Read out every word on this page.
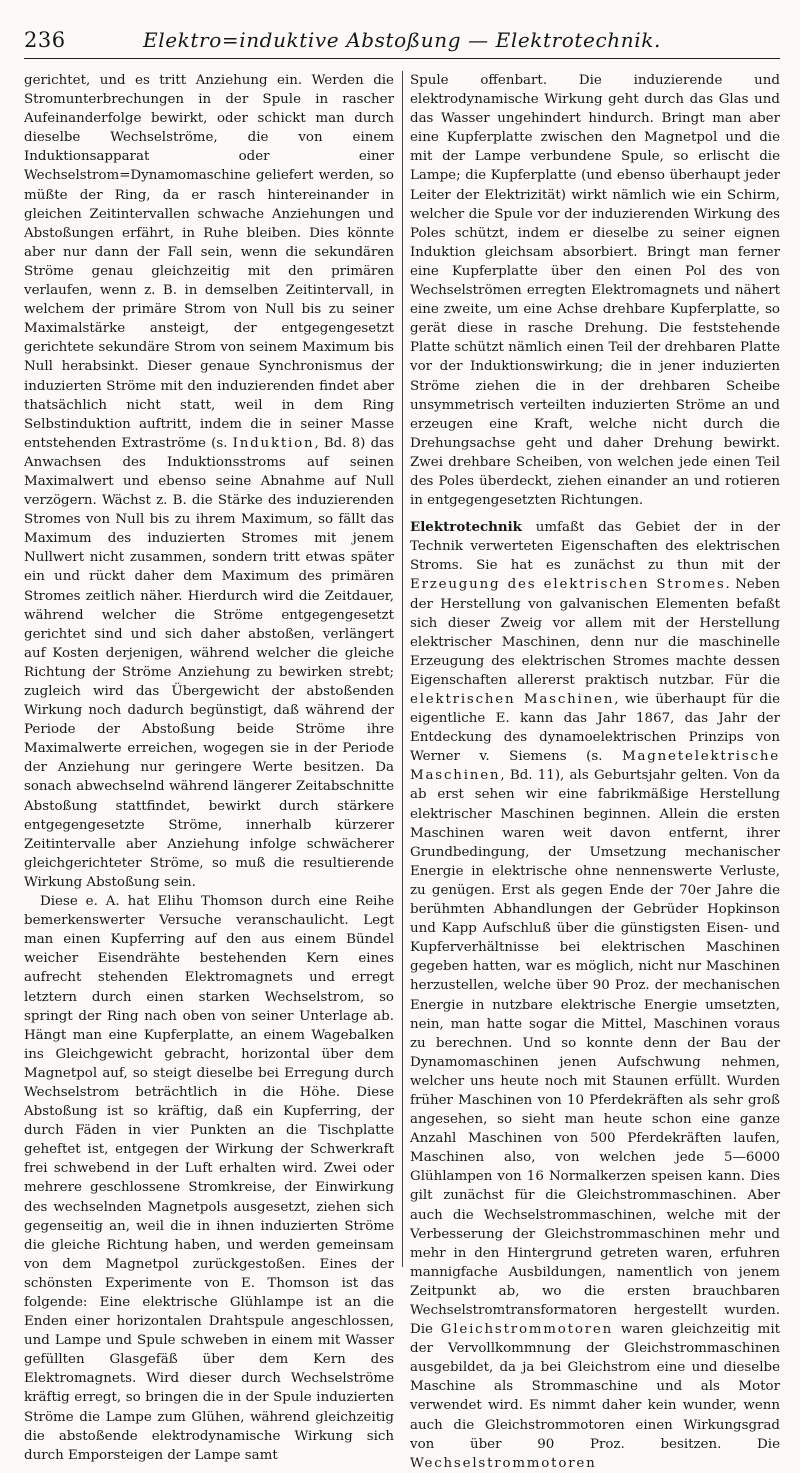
236	Elektro=induktive Abstoßung — Elektrotechnik.

gerichtet, und es tritt Anziehung ein. Werden die Stromunterbrechungen in der Spule in rascher Aufeinanderfolge bewirkt, oder schickt man durch dieselbe Wechselströme, die von einem Induktionsapparat oder einer Wechselstrom=Dynamomaschine geliefert werden, so müßte der Ring, da er rasch hintereinander in gleichen Zeitintervallen schwache Anziehungen und Abstoßungen erfährt, in Ruhe bleiben. Dies könnte aber nur dann der Fall sein, wenn die sekundären Ströme genau gleichzeitig mit den primären verlaufen, wenn z. B. in demselben Zeitintervall, in welchem der primäre Strom von Null bis zu seiner Maximalstärke ansteigt, der entgegengesetzt gerichtete sekundäre Strom von seinem Maximum bis Null herabsinkt. Dieser genaue Synchronismus der induzierten Ströme mit den induzierenden findet aber thatsächlich nicht statt, weil in dem Ring Selbstinduktion auftritt, indem die in seiner Masse entstehenden Extraströme (s. Induktion, Bd. 8) das Anwachsen des Induktionsstroms auf seinen Maximalwert und ebenso seine Abnahme auf Null verzögern. Wächst z. B. die Stärke des induzierenden Stromes von Null bis zu ihrem Maximum, so fällt das Maximum des induzierten Stromes mit jenem Nullwert nicht zusammen, sondern tritt etwas später ein und rückt daher dem Maximum des primären Stromes zeitlich näher. Hierdurch wird die Zeitdauer, während welcher die Ströme entgegengesetzt gerichtet sind und sich daher abstoßen, verlängert auf Kosten derjenigen, während welcher die gleiche Richtung der Ströme Anziehung zu bewirken strebt; zugleich wird das Übergewicht der abstoßenden Wirkung noch dadurch begünstigt, daß während der Periode der Abstoßung beide Ströme ihre Maximalwerte erreichen, wogegen sie in der Periode der Anziehung nur geringere Werte besitzen. Da sonach abwechselnd während längerer Zeitabschnitte Abstoßung stattfindet, bewirkt durch stärkere entgegengesetzte Ströme, innerhalb kürzerer Zeitintervalle aber Anziehung infolge schwächerer gleichgerichteter Ströme, so muß die resultierende Wirkung Abstoßung sein.

Diese e. A. hat Elihu Thomson durch eine Reihe bemerkenswerter Versuche veranschaulicht. Legt man einen Kupferring auf den aus einem Bündel weicher Eisendrähte bestehenden Kern eines aufrecht stehenden Elektromagnets und erregt letztern durch einen starken Wechselstrom, so springt der Ring nach oben von seiner Unterlage ab. Hängt man eine Kupferplatte, an einem Wagebalken ins Gleichgewicht gebracht, horizontal über dem Magnetpol auf, so steigt dieselbe bei Erregung durch Wechselstrom beträchtlich in die Höhe. Diese Abstoßung ist so kräftig, daß ein Kupferring, der durch Fäden in vier Punkten an die Tischplatte geheftet ist, entgegen der Wirkung der Schwerkraft frei schwebend in der Luft erhalten wird. Zwei oder mehrere geschlossene Stromkreise, der Einwirkung des wechselnden Magnetpols ausgesetzt, ziehen sich gegenseitig an, weil die in ihnen induzierten Ströme die gleiche Richtung haben, und werden gemeinsam von dem Magnetpol zurückgestoßen. Eines der schönsten Experimente von E. Thomson ist das folgende: Eine elektrische Glühlampe ist an die Enden einer horizontalen Drahtspule angeschlossen, und Lampe und Spule schweben in einem mit Wasser gefüllten Glasgefäß über dem Kern des Elektromagnets. Wird dieser durch Wechselströme kräftig erregt, so bringen die in der Spule induzierten Ströme die Lampe zum Glühen, während gleichzeitig die abstoßende elektrodynamische Wirkung sich durch Emporsteigen der Lampe samt

Spule offenbart. Die induzierende und elektrodynamische Wirkung geht durch das Glas und das Wasser ungehindert hindurch. Bringt man aber eine Kupferplatte zwischen den Magnetpol und die mit der Lampe verbundene Spule, so erlischt die Lampe; die Kupferplatte (und ebenso überhaupt jeder Leiter der Elektrizität) wirkt nämlich wie ein Schirm, welcher die Spule vor der induzierenden Wirkung des Poles schützt, indem er dieselbe zu seiner eignen Induktion gleichsam absorbiert. Bringt man ferner eine Kupferplatte über den einen Pol des von Wechselströmen erregten Elektromagnets und nähert eine zweite, um eine Achse drehbare Kupferplatte, so gerät diese in rasche Drehung. Die feststehende Platte schützt nämlich einen Teil der drehbaren Platte vor der Induktionswirkung; die in jener induzierten Ströme ziehen die in der drehbaren Scheibe unsymmetrisch verteilten induzierten Ströme an und erzeugen eine Kraft, welche nicht durch die Drehungsachse geht und daher Drehung bewirkt. Zwei drehbare Scheiben, von welchen jede einen Teil des Poles überdeckt, ziehen einander an und rotieren in entgegengesetzten Richtungen.

Elektrotechnik umfaßt das Gebiet der in der Technik verwerteten Eigenschaften des elektrischen Stroms. Sie hat es zunächst zu thun mit der Erzeugung des elektrischen Stromes. Neben der Herstellung von galvanischen Elementen befaßt sich dieser Zweig vor allem mit der Herstellung elektrischer Maschinen, denn nur die maschinelle Erzeugung des elektrischen Stromes machte dessen Eigenschaften allererst praktisch nutzbar. Für die elektrischen Maschinen, wie überhaupt für die eigentliche E. kann das Jahr 1867, das Jahr der Entdeckung des dynamoelektrischen Prinzips von Werner v. Siemens (s. Magnetelektrische Maschinen, Bd. 11), als Geburtsjahr gelten. Von da ab erst sehen wir eine fabrikmäßige Herstellung elektrischer Maschinen beginnen. Allein die ersten Maschinen waren weit davon entfernt, ihrer Grundbedingung, der Umsetzung mechanischer Energie in elektrische ohne nennenswerte Verluste, zu genügen. Erst als gegen Ende der 70er Jahre die berühmten Abhandlungen der Gebrüder Hopkinson und Kapp Aufschluß über die günstigsten Eisen- und Kupferverhältnisse bei elektrischen Maschinen gegeben hatten, war es möglich, nicht nur Maschinen herzustellen, welche über 90 Proz. der mechanischen Energie in nutzbare elektrische Energie umsetzten, nein, man hatte sogar die Mittel, Maschinen voraus zu berechnen. Und so konnte denn der Bau der Dynamomaschinen jenen Aufschwung nehmen, welcher uns heute noch mit Staunen erfüllt. Wurden früher Maschinen von 10 Pferdekräften als sehr groß angesehen, so sieht man heute schon eine ganze Anzahl Maschinen von 500 Pferdekräften laufen, Maschinen also, von welchen jede 5—6000 Glühlampen von 16 Normalkerzen speisen kann. Dies gilt zunächst für die Gleichstrommaschinen. Aber auch die Wechselstrommaschinen, welche mit der Verbesserung der Gleichstrommaschinen mehr und mehr in den Hintergrund getreten waren, erfuhren mannigfache Ausbildungen, namentlich von jenem Zeitpunkt ab, wo die ersten brauchbaren Wechselstromtransformatoren hergestellt wurden. Die Gleichstrommotoren waren gleichzeitig mit der Vervollkommnung der Gleichstrommaschinen ausgebildet, da ja bei Gleichstrom eine und dieselbe Maschine als Strommaschine und als Motor verwendet wird. Es nimmt daher kein wunder, wenn auch die Gleichstrommotoren einen Wirkungsgrad von über 90 Proz. besitzen. Die Wechselstrommotoren
